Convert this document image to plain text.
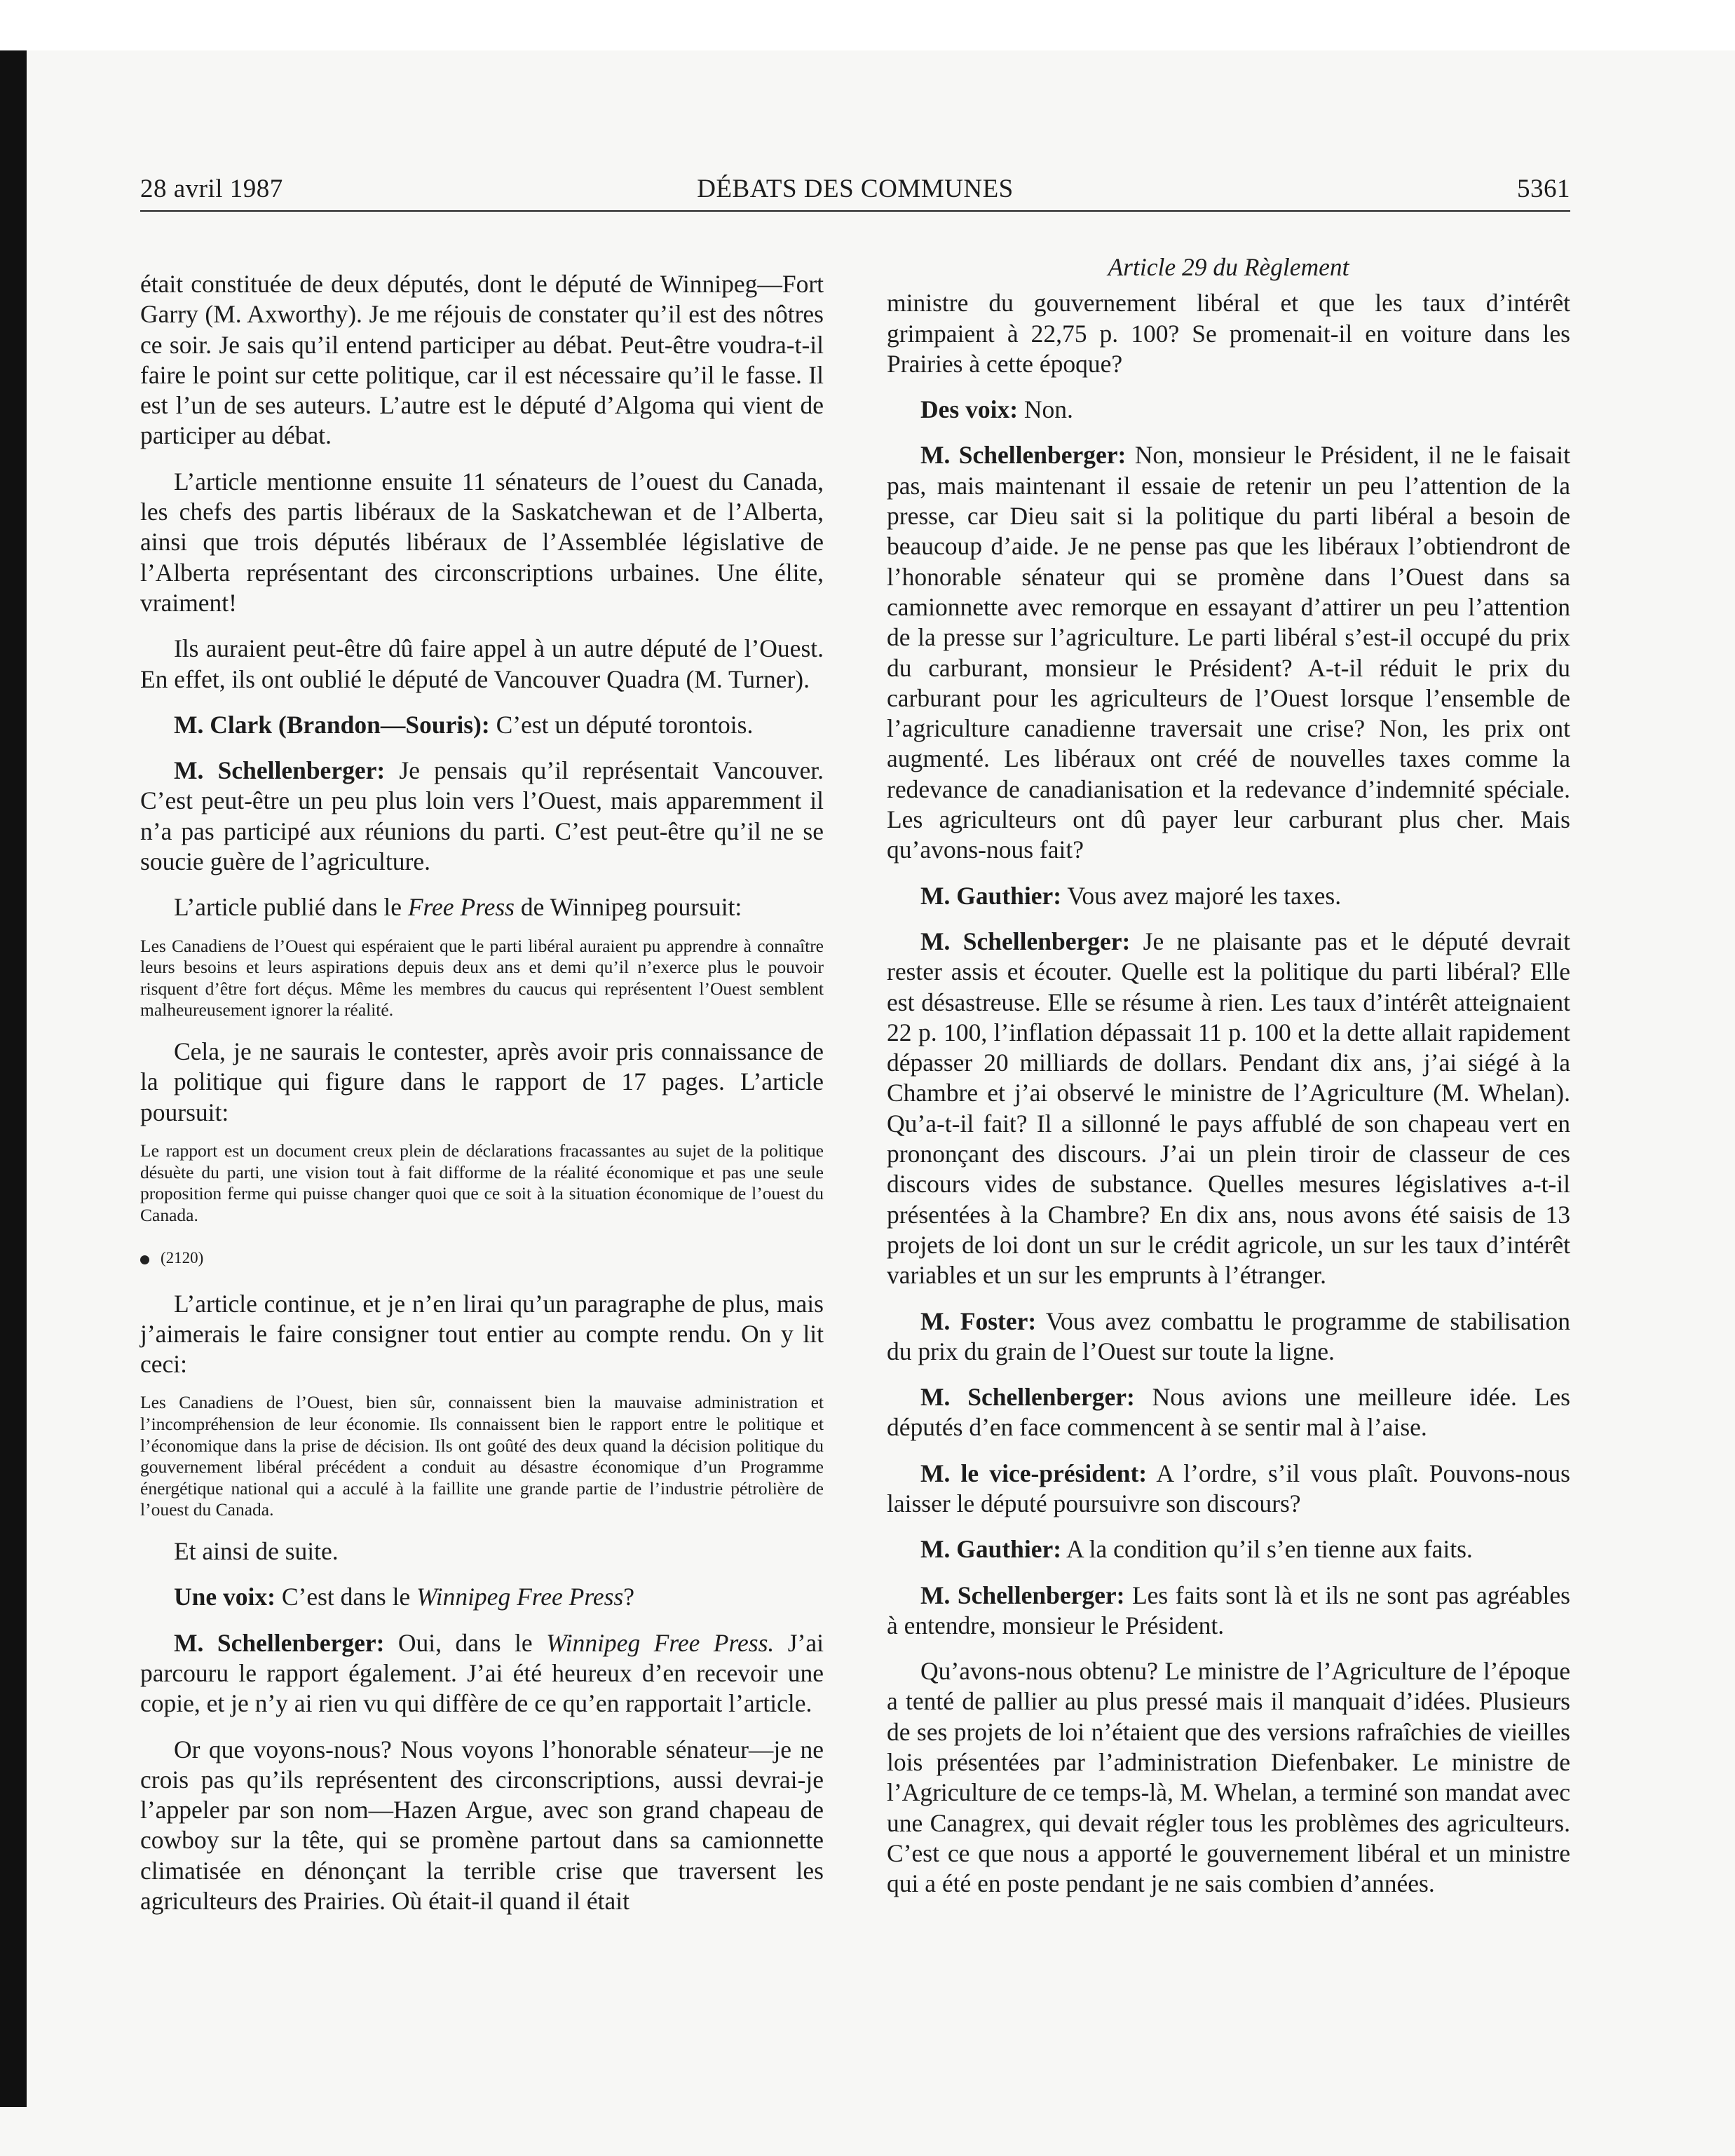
28 avril 1987	DÉBATS DES COMMUNES	5361

était constituée de deux députés, dont le député de Winnipeg—Fort Garry (M. Axworthy). Je me réjouis de constater qu’il est des nôtres ce soir. Je sais qu’il entend participer au débat. Peut-être voudra-t-il faire le point sur cette politique, car il est nécessaire qu’il le fasse. Il est l’un de ses auteurs. L’autre est le député d’Algoma qui vient de participer au débat.

L’article mentionne ensuite 11 sénateurs de l’ouest du Canada, les chefs des partis libéraux de la Saskatchewan et de l’Alberta, ainsi que trois députés libéraux de l’Assemblée législative de l’Alberta représentant des circonscriptions urbaines. Une élite, vraiment!

Ils auraient peut-être dû faire appel à un autre député de l’Ouest. En effet, ils ont oublié le député de Vancouver Quadra (M. Turner).

M. Clark (Brandon—Souris): C’est un député torontois.

M. Schellenberger: Je pensais qu’il représentait Vancouver. C’est peut-être un peu plus loin vers l’Ouest, mais apparemment il n’a pas participé aux réunions du parti. C’est peut-être qu’il ne se soucie guère de l’agriculture.

L’article publié dans le Free Press de Winnipeg poursuit:

Les Canadiens de l’Ouest qui espéraient que le parti libéral auraient pu apprendre à connaître leurs besoins et leurs aspirations depuis deux ans et demi qu’il n’exerce plus le pouvoir risquent d’être fort déçus. Même les membres du caucus qui représentent l’Ouest semblent malheureusement ignorer la réalité.

Cela, je ne saurais le contester, après avoir pris connaissance de la politique qui figure dans le rapport de 17 pages. L’article poursuit:

Le rapport est un document creux plein de déclarations fracassantes au sujet de la politique désuète du parti, une vision tout à fait difforme de la réalité économique et pas une seule proposition ferme qui puisse changer quoi que ce soit à la situation économique de l’ouest du Canada.

(2120)

L’article continue, et je n’en lirai qu’un paragraphe de plus, mais j’aimerais le faire consigner tout entier au compte rendu. On y lit ceci:

Les Canadiens de l’Ouest, bien sûr, connaissent bien la mauvaise administration et l’incompréhension de leur économie. Ils connaissent bien le rapport entre le politique et l’économique dans la prise de décision. Ils ont goûté des deux quand la décision politique du gouvernement libéral précédent a conduit au désastre économique d’un Programme énergétique national qui a acculé à la faillite une grande partie de l’industrie pétrolière de l’ouest du Canada.

Et ainsi de suite.

Une voix: C’est dans le Winnipeg Free Press?

M. Schellenberger: Oui, dans le Winnipeg Free Press. J’ai parcouru le rapport également. J’ai été heureux d’en recevoir une copie, et je n’y ai rien vu qui diffère de ce qu’en rapportait l’article.

Or que voyons-nous? Nous voyons l’honorable sénateur—je ne crois pas qu’ils représentent des circonscriptions, aussi devrai-je l’appeler par son nom—Hazen Argue, avec son grand chapeau de cowboy sur la tête, qui se promène partout dans sa camionnette climatisée en dénonçant la terrible crise que traversent les agriculteurs des Prairies. Où était-il quand il était

Article 29 du Règlement

ministre du gouvernement libéral et que les taux d’intérêt grimpaient à 22,75 p. 100? Se promenait-il en voiture dans les Prairies à cette époque?

Des voix: Non.

M. Schellenberger: Non, monsieur le Président, il ne le faisait pas, mais maintenant il essaie de retenir un peu l’attention de la presse, car Dieu sait si la politique du parti libéral a besoin de beaucoup d’aide. Je ne pense pas que les libéraux l’obtiendront de l’honorable sénateur qui se promène dans l’Ouest dans sa camionnette avec remorque en essayant d’attirer un peu l’attention de la presse sur l’agriculture. Le parti libéral s’est-il occupé du prix du carburant, monsieur le Président? A-t-il réduit le prix du carburant pour les agriculteurs de l’Ouest lorsque l’ensemble de l’agriculture canadienne traversait une crise? Non, les prix ont augmenté. Les libéraux ont créé de nouvelles taxes comme la redevance de canadianisation et la redevance d’indemnité spéciale. Les agriculteurs ont dû payer leur carburant plus cher. Mais qu’avons-nous fait?

M. Gauthier: Vous avez majoré les taxes.

M. Schellenberger: Je ne plaisante pas et le député devrait rester assis et écouter. Quelle est la politique du parti libéral? Elle est désastreuse. Elle se résume à rien. Les taux d’intérêt atteignaient 22 p. 100, l’inflation dépassait 11 p. 100 et la dette allait rapidement dépasser 20 milliards de dollars. Pendant dix ans, j’ai siégé à la Chambre et j’ai observé le ministre de l’Agriculture (M. Whelan). Qu’a-t-il fait? Il a sillonné le pays affublé de son chapeau vert en prononçant des discours. J’ai un plein tiroir de classeur de ces discours vides de substance. Quelles mesures législatives a-t-il présentées à la Chambre? En dix ans, nous avons été saisis de 13 projets de loi dont un sur le crédit agricole, un sur les taux d’intérêt variables et un sur les emprunts à l’étranger.

M. Foster: Vous avez combattu le programme de stabilisation du prix du grain de l’Ouest sur toute la ligne.

M. Schellenberger: Nous avions une meilleure idée. Les députés d’en face commencent à se sentir mal à l’aise.

M. le vice-président: A l’ordre, s’il vous plaît. Pouvons-nous laisser le député poursuivre son discours?

M. Gauthier: A la condition qu’il s’en tienne aux faits.

M. Schellenberger: Les faits sont là et ils ne sont pas agréables à entendre, monsieur le Président.

Qu’avons-nous obtenu? Le ministre de l’Agriculture de l’époque a tenté de pallier au plus pressé mais il manquait d’idées. Plusieurs de ses projets de loi n’étaient que des versions rafraîchies de vieilles lois présentées par l’administration Diefenbaker. Le ministre de l’Agriculture de ce temps-là, M. Whelan, a terminé son mandat avec une Canagrex, qui devait régler tous les problèmes des agriculteurs. C’est ce que nous a apporté le gouvernement libéral et un ministre qui a été en poste pendant je ne sais combien d’années.
